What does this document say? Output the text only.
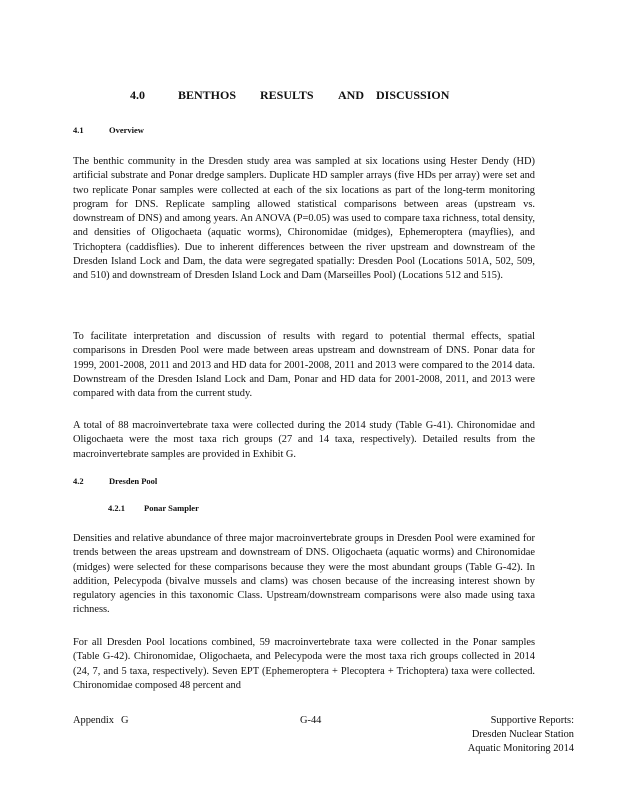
4.0	BENTHOS RESULTS AND DISCUSSION
4.1	Overview

The benthic community in the Dresden study area was sampled at six locations using Hester Dendy (HD) artificial substrate and Ponar dredge samplers. Duplicate HD sampler arrays (five HDs per array) were set and two replicate Ponar samples were collected at each of the six locations as part of the long-term monitoring program for DNS. Replicate sampling allowed statistical comparisons between areas (upstream vs. downstream of DNS) and among years. An ANOVA (P=0.05) was used to compare taxa richness, total density, and densities of Oligochaeta (aquatic worms), Chironomidae (midges), Ephemeroptera (mayflies), and Trichoptera (caddisflies). Due to inherent differences between the river upstream and downstream of the Dresden Island Lock and Dam, the data were segregated spatially: Dresden Pool (Locations 501A, 502, 509, and 510) and downstream of Dresden Island Lock and Dam (Marseilles Pool) (Locations 512 and 515).

To facilitate interpretation and discussion of results with regard to potential thermal effects, spatial comparisons in Dresden Pool were made between areas upstream and downstream of DNS. Ponar data for 1999, 2001-2008, 2011 and 2013 and HD data for 2001-2008, 2011 and 2013 were compared to the 2014 data. Downstream of the Dresden Island Lock and Dam, Ponar and HD data for 2001-2008, 2011, and 2013 were compared with data from the current study.

A total of 88 macroinvertebrate taxa were collected during the 2014 study (Table G-41). Chironomidae and Oligochaeta were the most taxa rich groups (27 and 14 taxa, respectively). Detailed results from the macroinvertebrate samples are provided in Exhibit G.

4.2	Dresden Pool
4.2.1 Ponar Sampler

Densities and relative abundance of three major macroinvertebrate groups in Dresden Pool were examined for trends between the areas upstream and downstream of DNS. Oligochaeta (aquatic worms) and Chironomidae (midges) were selected for these comparisons because they were the most abundant groups (Table G-42). In addition, Pelecypoda (bivalve mussels and clams) was chosen because of the increasing interest shown by regulatory agencies in this taxonomic Class. Upstream/downstream comparisons were also made using taxa richness.

For all Dresden Pool locations combined, 59 macroinvertebrate taxa were collected in the Ponar samples (Table G-42). Chironomidae, Oligochaeta, and Pelecypoda were the most taxa rich groups collected in 2014 (24, 7, and 5 taxa, respectively). Seven EPT (Ephemeroptera + Plecoptera + Trichoptera) taxa were collected. Chironomidae composed 48 percent and

Appendix G	G-44	Supportive Reports:
Dresden Nuclear Station
Aquatic Monitoring 2014
